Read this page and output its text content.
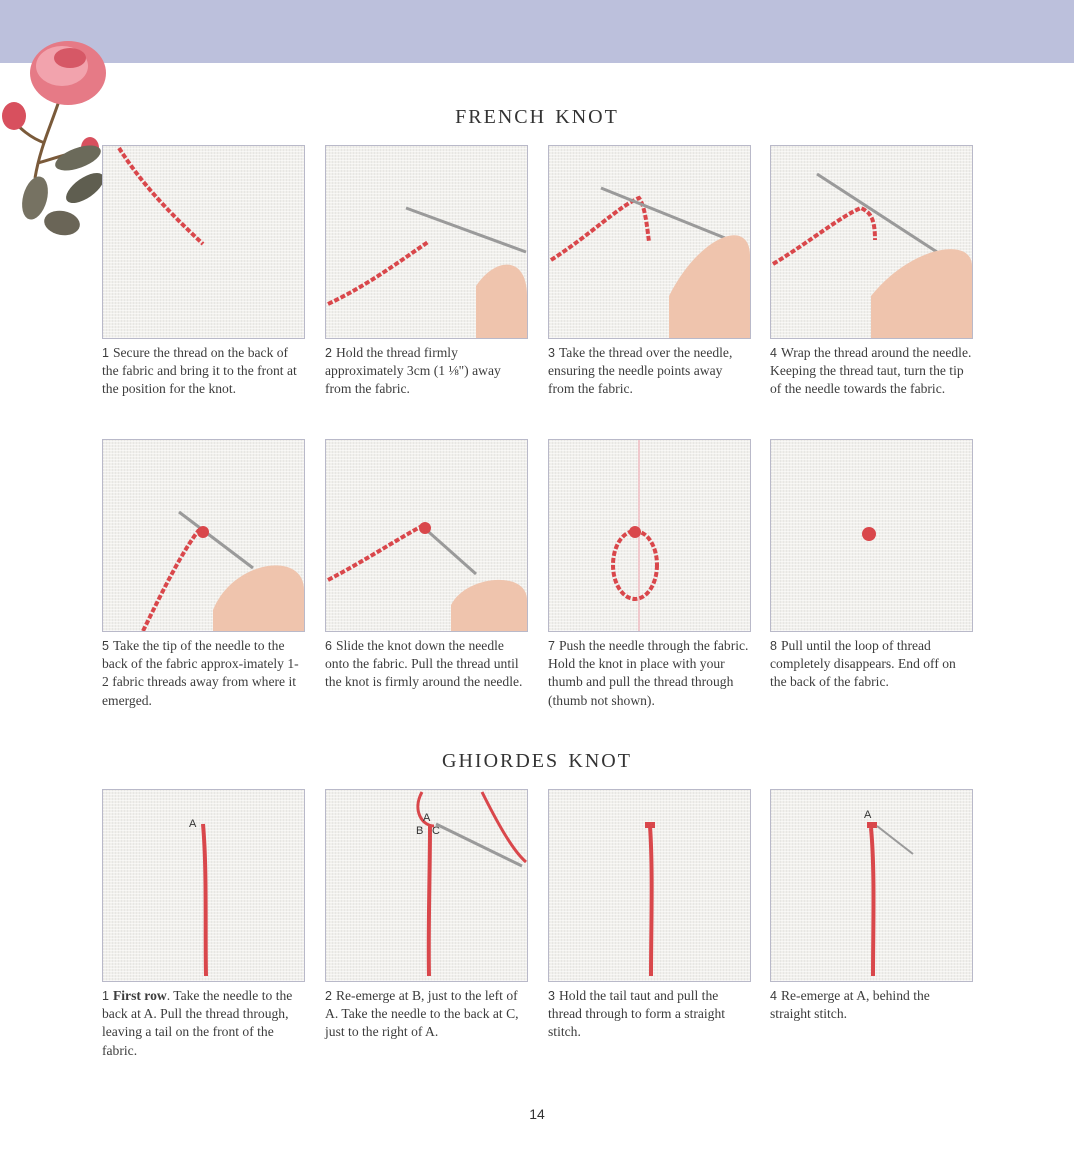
french knot
1 Secure the thread on the back of the fabric and bring it to the front at the position for the knot.
2 Hold the thread firmly approximately 3cm (1 ⅛") away from the fabric.
3 Take the thread over the needle, ensuring the needle points away from the fabric.
4 Wrap the thread around the needle. Keeping the thread taut, turn the tip of the needle towards the fabric.
5 Take the tip of the needle to the back of the fabric approx-imately 1-2 fabric threads away from where it emerged.
6 Slide the knot down the needle onto the fabric. Pull the thread until the knot is firmly around the needle.
7 Push the needle through the fabric. Hold the knot in place with your thumb and pull the thread through (thumb not shown).
8 Pull until the loop of thread completely disappears. End off on the back of the fabric.
ghiordes knot
A
1 First row. Take the needle to the back at A. Pull the thread through, leaving a tail on the front of the fabric.
A
B C
2 Re-emerge at B, just to the left of A. Take the needle to the back at C, just to the right of A.
3 Hold the tail taut and pull the thread through to form a straight stitch.
A
4 Re-emerge at A, behind the straight stitch.
14
